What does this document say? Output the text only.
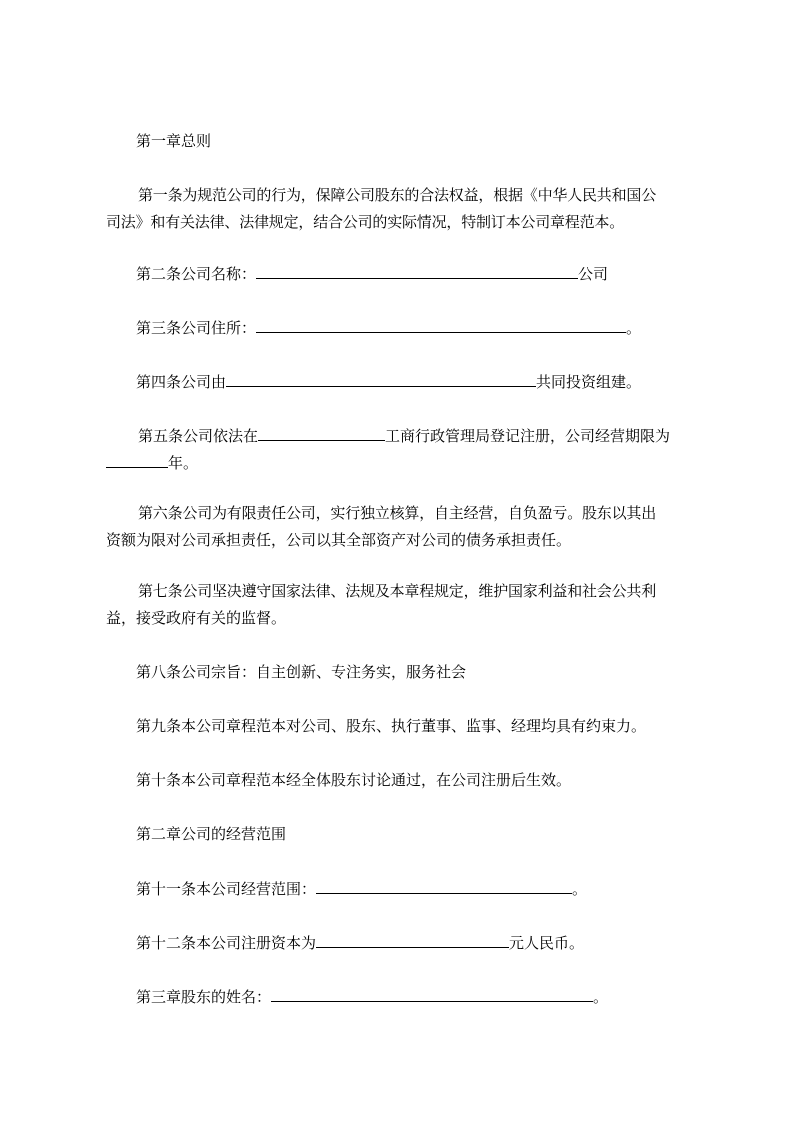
第一章总则
第一条为规范公司的行为，保障公司股东的合法权益，根据《中华人民共和国公
司法》和有关法律、法律规定，结合公司的实际情况，特制订本公司章程范本。
第二条公司名称：	公司
第三条公司住所：	。
第四条公司由	共同投资组建。
第五条公司依法在	工商行政管理局登记注册，公司经营期限为
年。
第六条公司为有限责任公司，实行独立核算，自主经营，自负盈亏。股东以其出
资额为限对公司承担责任，公司以其全部资产对公司的债务承担责任。
第七条公司坚决遵守国家法律、法规及本章程规定，维护国家利益和社会公共利
益，接受政府有关的监督。
第八条公司宗旨：自主创新、专注务实，服务社会
第九条本公司章程范本对公司、股东、执行董事、监事、经理均具有约束力。
第十条本公司章程范本经全体股东讨论通过，在公司注册后生效。
第二章公司的经营范围
第十一条本公司经营范围：	。
第十二条本公司注册资本为	元人民币。
第三章股东的姓名：	。
